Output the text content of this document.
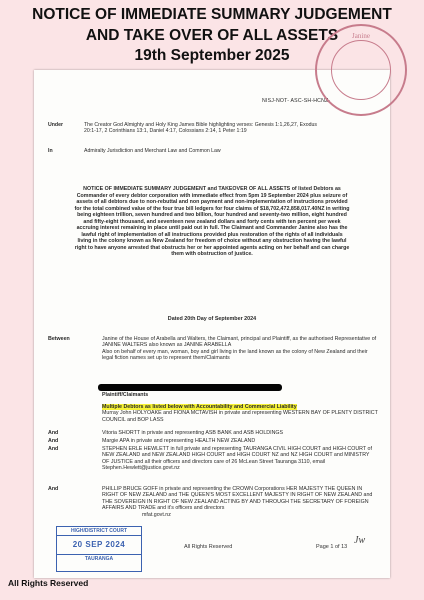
NOTICE OF IMMEDIATE SUMMARY JUDGEMENT
AND TAKE OVER OF ALL ASSETS
19th September 2025
NISJ-NOT- ASC-SH-HCNZ-
Under	The Creator God Almighty and Holy King James Bible highlighting verses: Genesis 1:1,26,27, Exodus 20:1-17, 2 Corinthians 13:1, Daniel 4:17, Colossians 2:14, 1 Peter 1:19
In	Admiralty Jurisdiction and Merchant Law and Common Law
NOTICE OF IMMEDIATE SUMMARY JUDGEMENT and TAKEOVER OF ALL ASSETS of listed Debtors as Commander of every debtor corporation with immediate effect from 5pm 19 September 2024 plus seizure of assets of all debtors due to non-rebuttal and non payment and non-implementation of instructions provided for the total combined value of the four true bill ledgers for four claims of $18,702,472,858,017.40NZ in writing being eighteen trillion, seven hundred and two billion, four hundred and seventy-two million, eight hundred and fifty-eight thousand, and seventeen new zealand dollars and forty cents with ten percent per week accruing interest remaining in place until paid out in full. The Claimant and Commander Janine also has the lawful right of implementation of all instructions provided plus restoration of the rights of all individuals living in the colony known as New Zealand for freedom of choice without any obstruction having the lawful right to have anyone arrested that obstructs her or her appointed agents acting on her behalf and can charge them with obstruction of justice.
Dated 20th Day of September 2024
Between	Janine of the House of Arabella and Walters, the Claimant, principal and Plaintiff, as the authorised Representative of JANINE WALTERS also known as JANINE ARABELLA
Also on behalf of every man, woman, boy and girl living in the land known as the colony of New Zealand and their legal fiction names set up to represent them/Claimants
Plaintiff/Claimants
Multiple Debtors as listed below with Accountability and Commercial Liability
Murray John HOLYOAKE and FIONA MCTAVISH in private and representing WESTERN BAY OF PLENTY DISTRICT COUNCIL and BOP LASS
And	Vitoria SHORTT in private and representing ASB BANK and ASB HOLDINGS
And	Margie APA in private and representing HEALTH NEW ZEALAND
And	STEPHEN ERLE HEWLETT in full private and representing TAURANGA CIVIL HIGH COURT and HIGH COURT of NEW ZEALAND and NEW ZEALAND HIGH COURT and HIGH COURT NZ and NZ HIGH COURT and MINISTRY OF JUSTICE and all their officers and directors care of 26 McLean Street Tauranga 3110, email Stephen.Hewlett@justice.govt.nz
And	PHILLIP BRUCE GOFF in private and representing the CROWN Corporations HER MAJESTY THE QUEEN IN RIGHT OF NEW ZEALAND and THE QUEEN'S MOST EXCELLENT MAJESTY IN RIGHT OF NEW ZEALAND and THE SOVEREIGN IN RIGHT OF NEW ZEALAND ACTING BY AND THROUGH THE SECRETARY OF FOREIGN AFFAIRS AND TRADE and it's officers and directors
mfat.govt.nz
All Rights Reserved	Page 1 of 13
Jw
HIGH/DISTRICT COURT
20 SEP 2024
TAURANGA
Janine
All Rights Reserved
